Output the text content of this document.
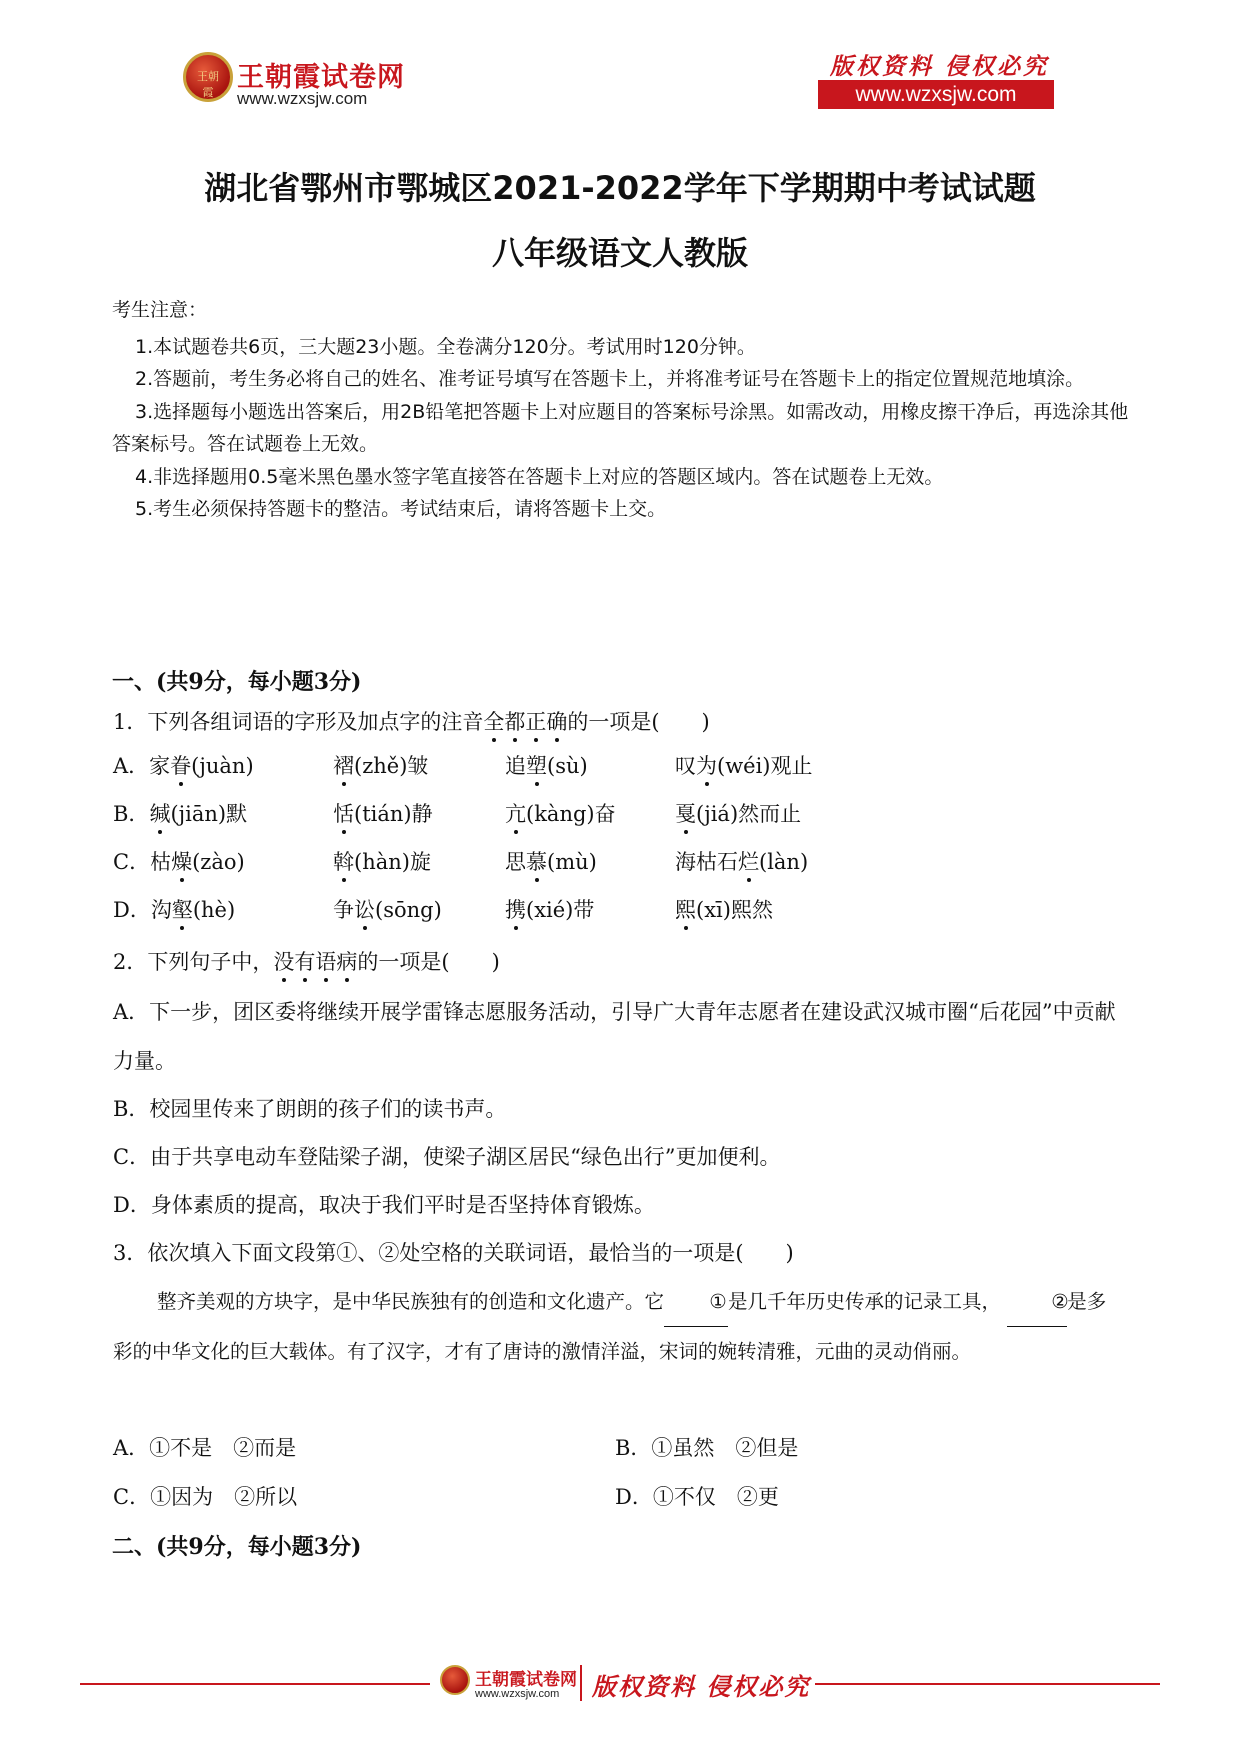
王朝霞 王朝霞试卷网
www.wzxsjw.com
版权资料 侵权必究
www.wzxsjw.com
湖北省鄂州市鄂城区2021-2022学年下学期期中考试试题
八年级语文人教版

考生注意：

1.本试题卷共6页，三大题23小题。全卷满分120分。考试用时120分钟。

2.答题前，考生务必将自己的姓名、准考证号填写在答题卡上，并将准考证号在答题卡上的指定位置规范地填涂。

3.选择题每小题选出答案后，用2B铅笔把答题卡上对应题目的答案标号涂黑。如需改动，用橡皮擦干净后，再选涂其他答案标号。答在试题卷上无效。

4.非选择题用0.5毫米黑色墨水签字笔直接答在答题卡上对应的答题区域内。答在试题卷上无效。

5.考生必须保持答题卡的整洁。考试结束后，请将答题卡上交。

一、(共9分，每小题3分)
1．下列各组词语的字形及加点字的注音全都正确的一项是(　　)
A．家眷(juàn)	褶(zhě)皱	追塑(sù)	叹为(wéi)观止
B．缄(jiān)默	恬(tián)静	亢(kàng)奋	戛(jiá)然而止
C．枯燥(zào)	斡(hàn)旋	思慕(mù)	海枯石烂(làn)
D．沟壑(hè)	争讼(sōng)	携(xié)带	熙(xī)熙然
2．下列句子中，没有语病的一项是(　　)
A．下一步，团区委将继续开展学雷锋志愿服务活动，引导广大青年志愿者在建设武汉城市圈“后花园”中贡献力量。
B．校园里传来了朗朗的孩子们的读书声。
C．由于共享电动车登陆梁子湖，使梁子湖区居民“绿色出行”更加便利。
D．身体素质的提高，取决于我们平时是否坚持体育锻炼。
3．依次填入下面文段第①、②处空格的关联词语，最恰当的一项是(　　)
整齐美观的方块字，是中华民族独有的创造和文化遗产。它 ①是几千年历史传承的记录工具，	②是多彩的中华文化的巨大载体。有了汉字，才有了唐诗的激情洋溢，宋词的婉转清雅，元曲的灵动俏丽。
A．①不是　②而是	B．①虽然　②但是
C．①因为　②所以	D．①不仅　②更
二、(共9分，每小题3分)
王朝霞试卷网
www.wzxsjw.com 版权资料 侵权必究
